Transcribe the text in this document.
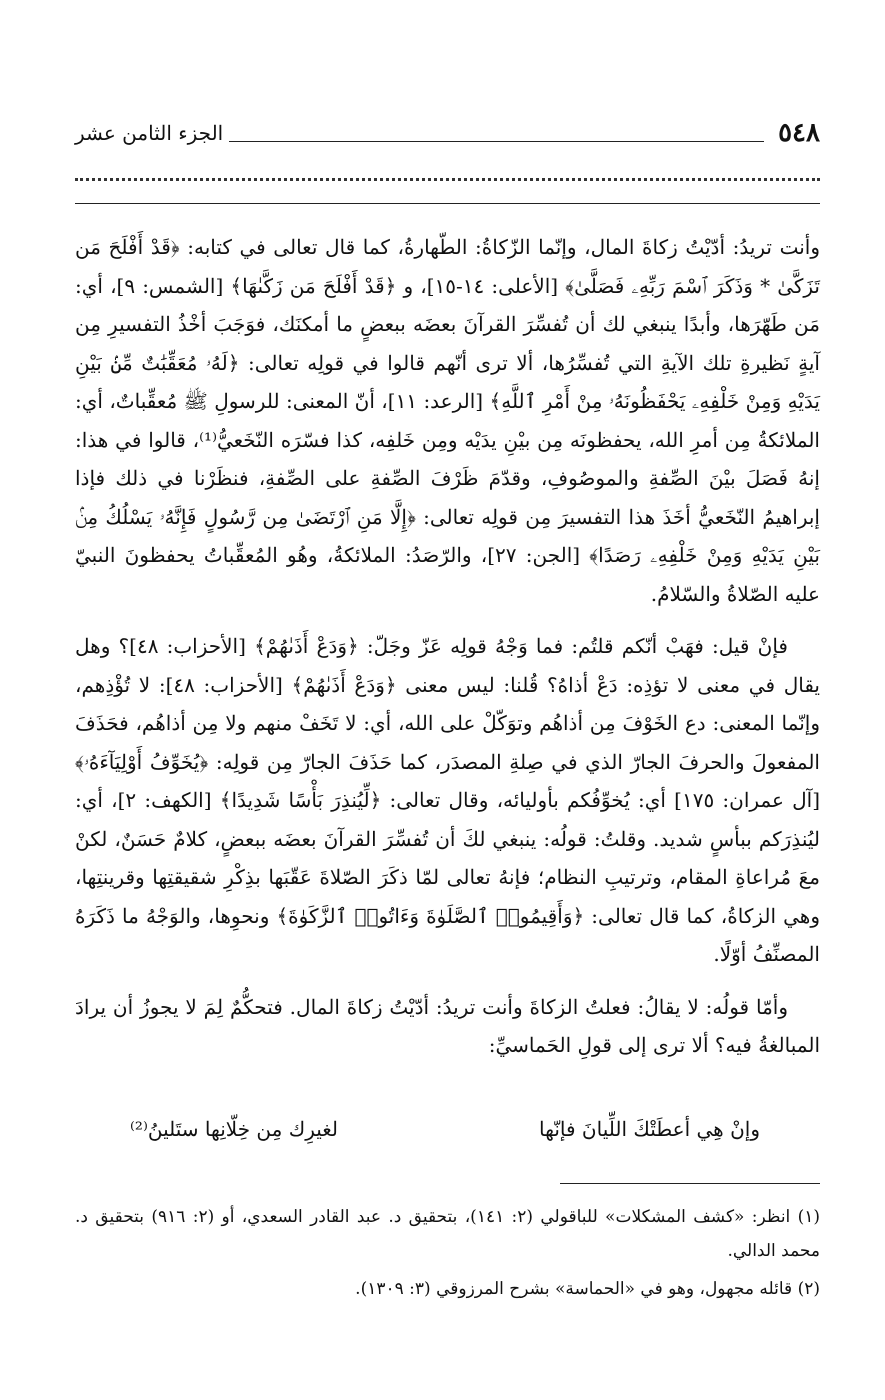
٥٤٨
الجزء الثامن عشر

وأنت تريدُ: أدّيْتُ زكاةَ المال، وإنّما الزّكاةُ: الطّهارةُ، كما قال تعالى في كتابه: ﴿قَدْ أَفْلَحَ مَن تَزَكَّىٰ * وَذَكَرَ ٱسْمَ رَبِّهِۦ فَصَلَّىٰ﴾ [الأعلى: ١٤-١٥]، و ﴿قَدْ أَفْلَحَ مَن زَكَّىٰهَا﴾ [الشمس: ٩]، أي: مَن طَهّرَها، وأبدًا ينبغي لك أن تُفسِّرَ القرآنَ بعضَه ببعضٍ ما أمكنَك، فوَجَبَ أخْذُ التفسيرِ مِن آيةٍ نَظيرةِ تلك الآيةِ التي تُفسِّرُها، ألا ترى أنّهم قالوا في قولِه تعالى: ﴿لَهُۥ مُعَقِّبَٰتٌ مِّنۢ بَيْنِ يَدَيْهِ وَمِنْ خَلْفِهِۦ يَحْفَظُونَهُۥ مِنْ أَمْرِ ٱللَّهِ﴾ [الرعد: ١١]، أنّ المعنى: للرسولِ ﷺ مُعقِّباتٌ، أي: الملائكةُ مِن أمرِ الله، يحفظونَه مِن بيْنِ يدَيْه ومِن خَلفِه، كذا فسّرَه النّخَعيُّ⁽¹⁾، قالوا في هذا: إنهُ فَصَلَ بيْنَ الصِّفةِ والموصُوفِ، وقدّمَ ظَرْفَ الصِّفةِ على الصِّفةِ، فنظَرْنا في ذلك فإذا إبراهيمُ النّخَعيُّ أخَذَ هذا التفسيرَ مِن قولِه تعالى: ﴿إِلَّا مَنِ ٱرْتَضَىٰ مِن رَّسُولٍ فَإِنَّهُۥ يَسْلُكُ مِنۢ بَيْنِ يَدَيْهِ وَمِنْ خَلْفِهِۦ رَصَدًا﴾ [الجن: ٢٧]، والرّصَدُ: الملائكةُ، وهُو المُعقِّباتُ يحفظونَ النبيّ عليه الصّلاةُ والسّلامُ.

فإنْ قيل: فهَبْ أنّكم قلتُم: فما وَجْهُ قولِه عَزّ وجَلّ: ﴿وَدَعْ أَذَىٰهُمْ﴾ [الأحزاب: ٤٨]؟ وهل يقال في معنى لا تؤذِه: دَعْ أذاهُ؟ قُلنا: ليس معنى ﴿وَدَعْ أَذَىٰهُمْ﴾ [الأحزاب: ٤٨]: لا تُؤْذِهم، وإنّما المعنى: دع الخَوْفَ مِن أذاهُم وتوَكّلْ على الله، أي: لا تَخَفْ منهم ولا مِن أذاهُم، فحَذَفَ المفعولَ والحرفَ الجارّ الذي في صِلةِ المصدَر، كما حَذَفَ الجارّ مِن قولِه: ﴿يُخَوِّفُ أَوْلِيَآءَهُۥ﴾ [آل عمران: ١٧٥] أي: يُخوِّفُكم بأوليائه، وقال تعالى: ﴿لِّيُنذِرَ بَأْسًا شَدِيدًا﴾ [الكهف: ٢]، أي: ليُنذِرَكم ببأسٍ شديد. وقلتُ: قولُه: ينبغي لكَ أن تُفسِّرَ القرآنَ بعضَه ببعضٍ، كلامٌ حَسَنٌ، لكنْ معَ مُراعاةِ المقام، وترتيبِ النظام؛ فإنهُ تعالى لمّا ذكَرَ الصّلاةَ عَقّبَها بذِكْرِ شقيقتِها وقرينتِها، وهي الزكاةُ، كما قال تعالى: ﴿وَأَقِيمُوا۟ ٱلصَّلَوٰةَ وَءَاتُوا۟ ٱلزَّكَوٰةَ﴾ ونحوِها، والوَجْهُ ما ذَكَرَهُ المصنِّفُ أوّلًا.

وأمّا قولُه: لا يقالُ: فعلتُ الزكاةَ وأنت تريدُ: أدّيْتُ زكاةَ المال. فتحكُّمٌ لِمَ لا يجوزُ أن يرادَ المبالغةُ فيه؟ ألا ترى إلى قولِ الحَماسيِّ:

وإنْ هِي أعطَتْكَ اللِّيانَ فإنّها
لغيرِك مِن خِلّانِها ستَلينُ⁽²⁾

(١) انظر: «كشف المشكلات» للباقولي (٢: ١٤١)، بتحقيق د. عبد القادر السعدي، أو (٢: ٩١٦) بتحقيق د. محمد الدالي.

(٢) قائله مجهول، وهو في «الحماسة» بشرح المرزوقي (٣: ١٣٠٩).
